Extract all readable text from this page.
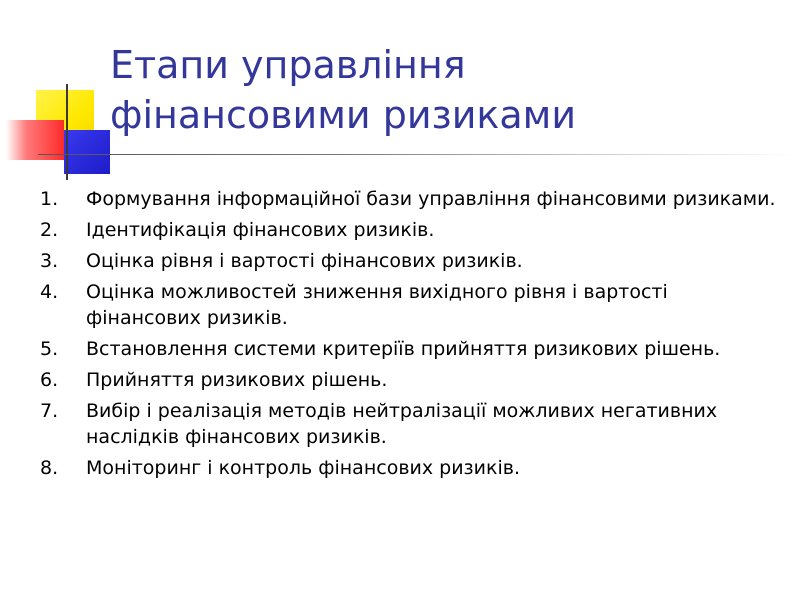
Етапи управління
фінансовими ризиками
1. Формування інформаційної бази управління фінансовими ризиками.
2. Ідентифікація фінансових ризиків.
3. Оцінка рівня і вартості фінансових ризиків.
4. Оцінка можливостей зниження вихідного рівня і вартості фінансових ризиків.
5. Встановлення системи критеріїв прийняття ризикових рішень.
6. Прийняття ризикових рішень.
7. Вибір і реалізація методів нейтралізації можливих негативних наслідків фінансових ризиків.
8. Моніторинг і контроль фінансових ризиків.
